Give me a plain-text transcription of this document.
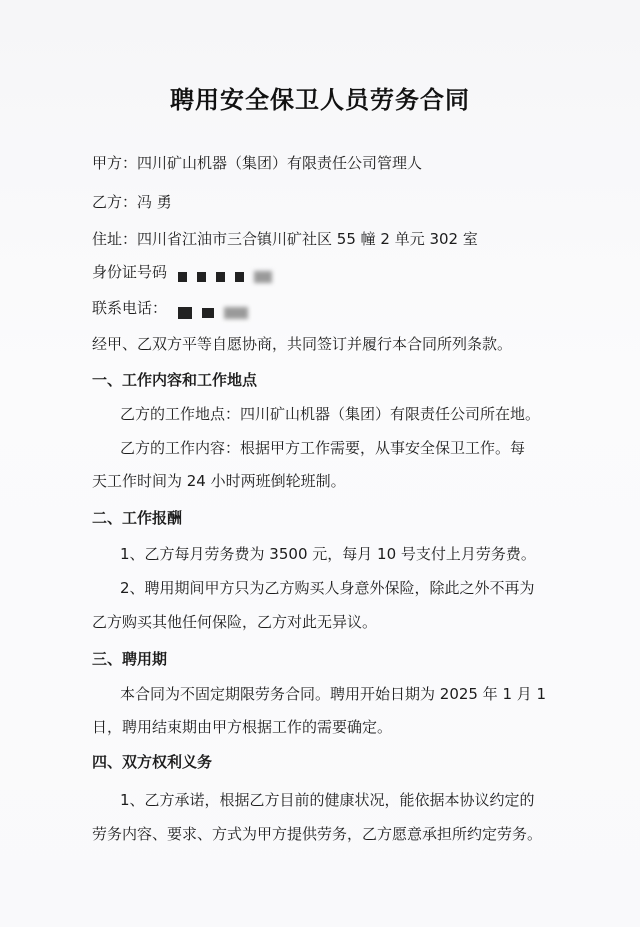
聘用安全保卫人员劳务合同
甲方：四川矿山机器（集团）有限责任公司管理人
乙方：冯 勇
住址：四川省江油市三合镇川矿社区 55 幢 2 单元 302 室
身份证号码
联系电话：
经甲、乙双方平等自愿协商，共同签订并履行本合同所列条款。
一、工作内容和工作地点
乙方的工作地点：四川矿山机器（集团）有限责任公司所在地。
乙方的工作内容：根据甲方工作需要，从事安全保卫工作。每
天工作时间为 24 小时两班倒轮班制。
二、工作报酬
1、乙方每月劳务费为 3500 元，每月 10 号支付上月劳务费。
2、聘用期间甲方只为乙方购买人身意外保险，除此之外不再为
乙方购买其他任何保险，乙方对此无异议。
三、聘用期
本合同为不固定期限劳务合同。聘用开始日期为 2025 年 1 月 1
日，聘用结束期由甲方根据工作的需要确定。
四、双方权利义务
1、乙方承诺，根据乙方目前的健康状况，能依据本协议约定的
劳务内容、要求、方式为甲方提供劳务，乙方愿意承担所约定劳务。
